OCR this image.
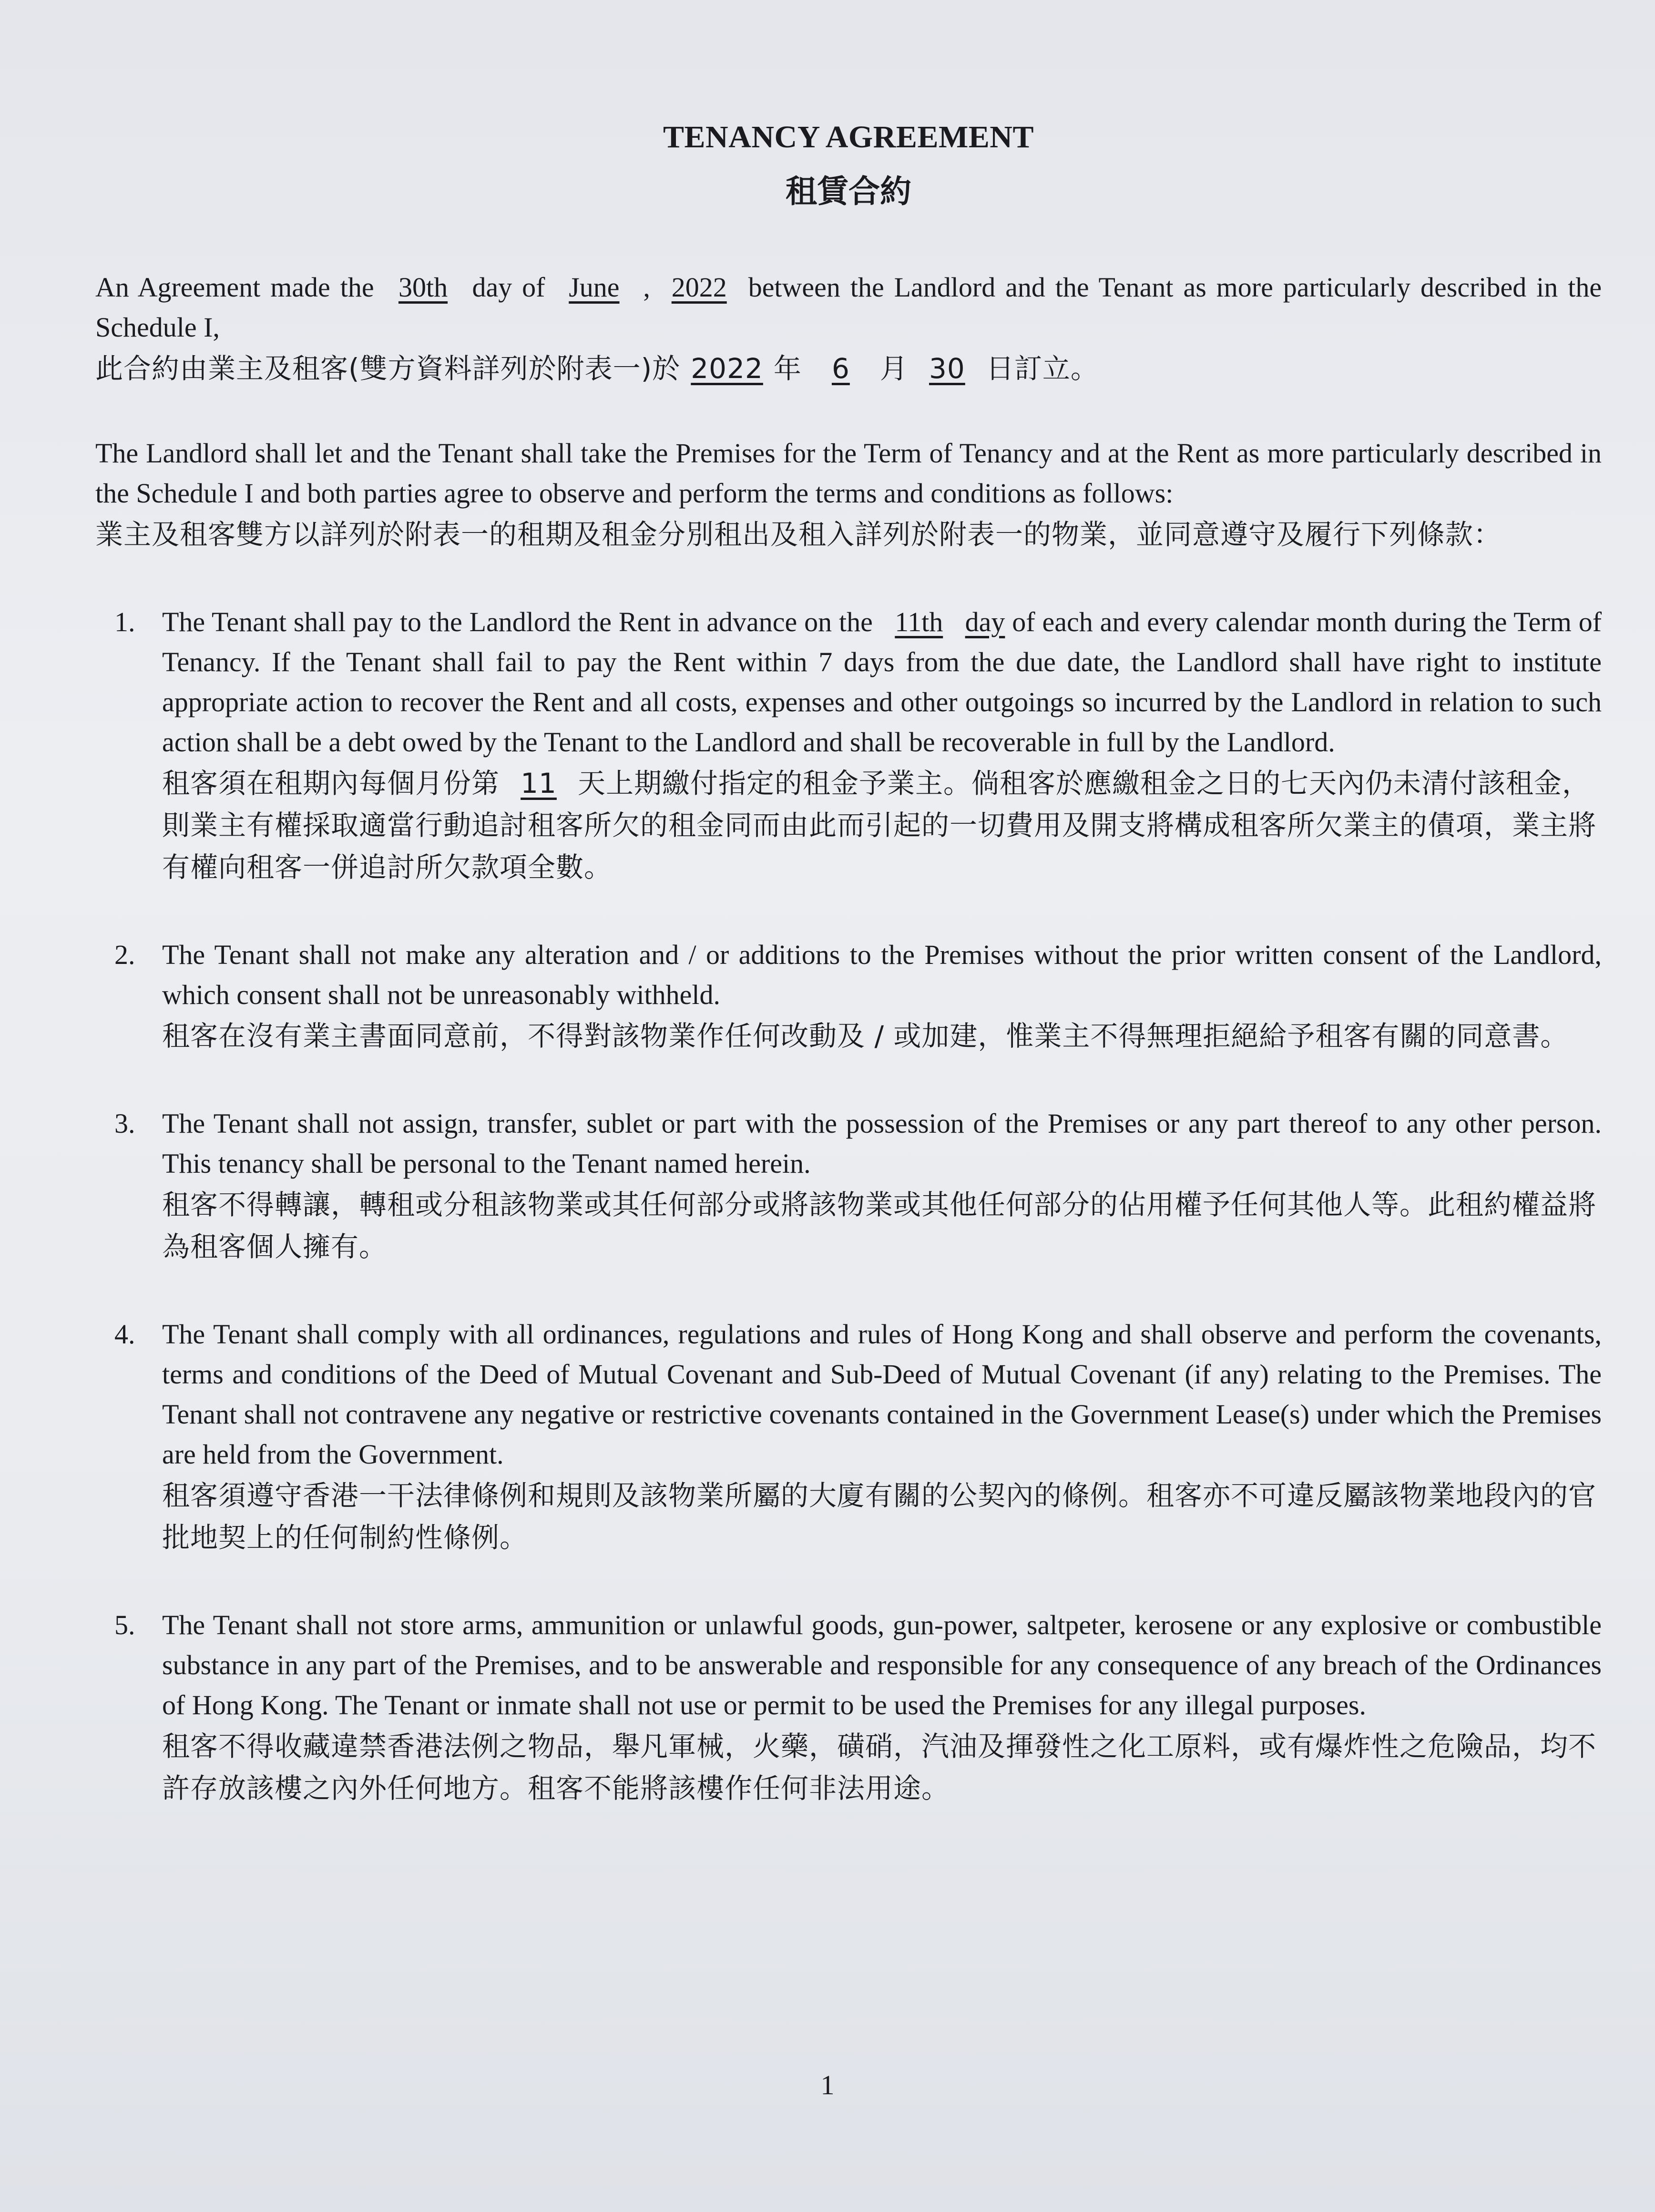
TENANCY AGREEMENT
租賃合約

An Agreement made the 30th day of June , 2022 between the Landlord and the Tenant as more particularly described in the Schedule I,

此合約由業主及租客(雙方資料詳列於附表一)於 2022 年 6 月 30 日訂立。

The Landlord shall let and the Tenant shall take the Premises for the Term of Tenancy and at the Rent as more particularly described in the Schedule I and both parties agree to observe and perform the terms and conditions as follows:

業主及租客雙方以詳列於附表一的租期及租金分別租出及租入詳列於附表一的物業，並同意遵守及履行下列條款：

1. The Tenant shall pay to the Landlord the Rent in advance on the 11th day of each and every calendar month during the Term of Tenancy. If the Tenant shall fail to pay the Rent within 7 days from the due date, the Landlord shall have right to institute appropriate action to recover the Rent and all costs, expenses and other outgoings so incurred by the Landlord in relation to such action shall be a debt owed by the Tenant to the Landlord and shall be recoverable in full by the Landlord.

租客須在租期內每個月份第 11 天上期繳付指定的租金予業主。倘租客於應繳租金之日的七天內仍未清付該租金，則業主有權採取適當行動追討租客所欠的租金同而由此而引起的一切費用及開支將構成租客所欠業主的債項，業主將有權向租客一併追討所欠款項全數。

2. The Tenant shall not make any alteration and / or additions to the Premises without the prior written consent of the Landlord, which consent shall not be unreasonably withheld.

租客在沒有業主書面同意前，不得對該物業作任何改動及 / 或加建，惟業主不得無理拒絕給予租客有關的同意書。

3. The Tenant shall not assign, transfer, sublet or part with the possession of the Premises or any part thereof to any other person. This tenancy shall be personal to the Tenant named herein.

租客不得轉讓，轉租或分租該物業或其任何部分或將該物業或其他任何部分的佔用權予任何其他人等。此租約權益將為租客個人擁有。

4. The Tenant shall comply with all ordinances, regulations and rules of Hong Kong and shall observe and perform the covenants, terms and conditions of the Deed of Mutual Covenant and Sub-Deed of Mutual Covenant (if any) relating to the Premises. The Tenant shall not contravene any negative or restrictive covenants contained in the Government Lease(s) under which the Premises are held from the Government.

租客須遵守香港一干法律條例和規則及該物業所屬的大廈有關的公契內的條例。租客亦不可違反屬該物業地段內的官批地契上的任何制約性條例。

5. The Tenant shall not store arms, ammunition or unlawful goods, gun-power, saltpeter, kerosene or any explosive or combustible substance in any part of the Premises, and to be answerable and responsible for any consequence of any breach of the Ordinances of Hong Kong. The Tenant or inmate shall not use or permit to be used the Premises for any illegal purposes.

租客不得收藏違禁香港法例之物品，舉凡軍械，火藥，磺硝，汽油及揮發性之化工原料，或有爆炸性之危險品，均不許存放該樓之內外任何地方。租客不能將該樓作任何非法用途。

1
